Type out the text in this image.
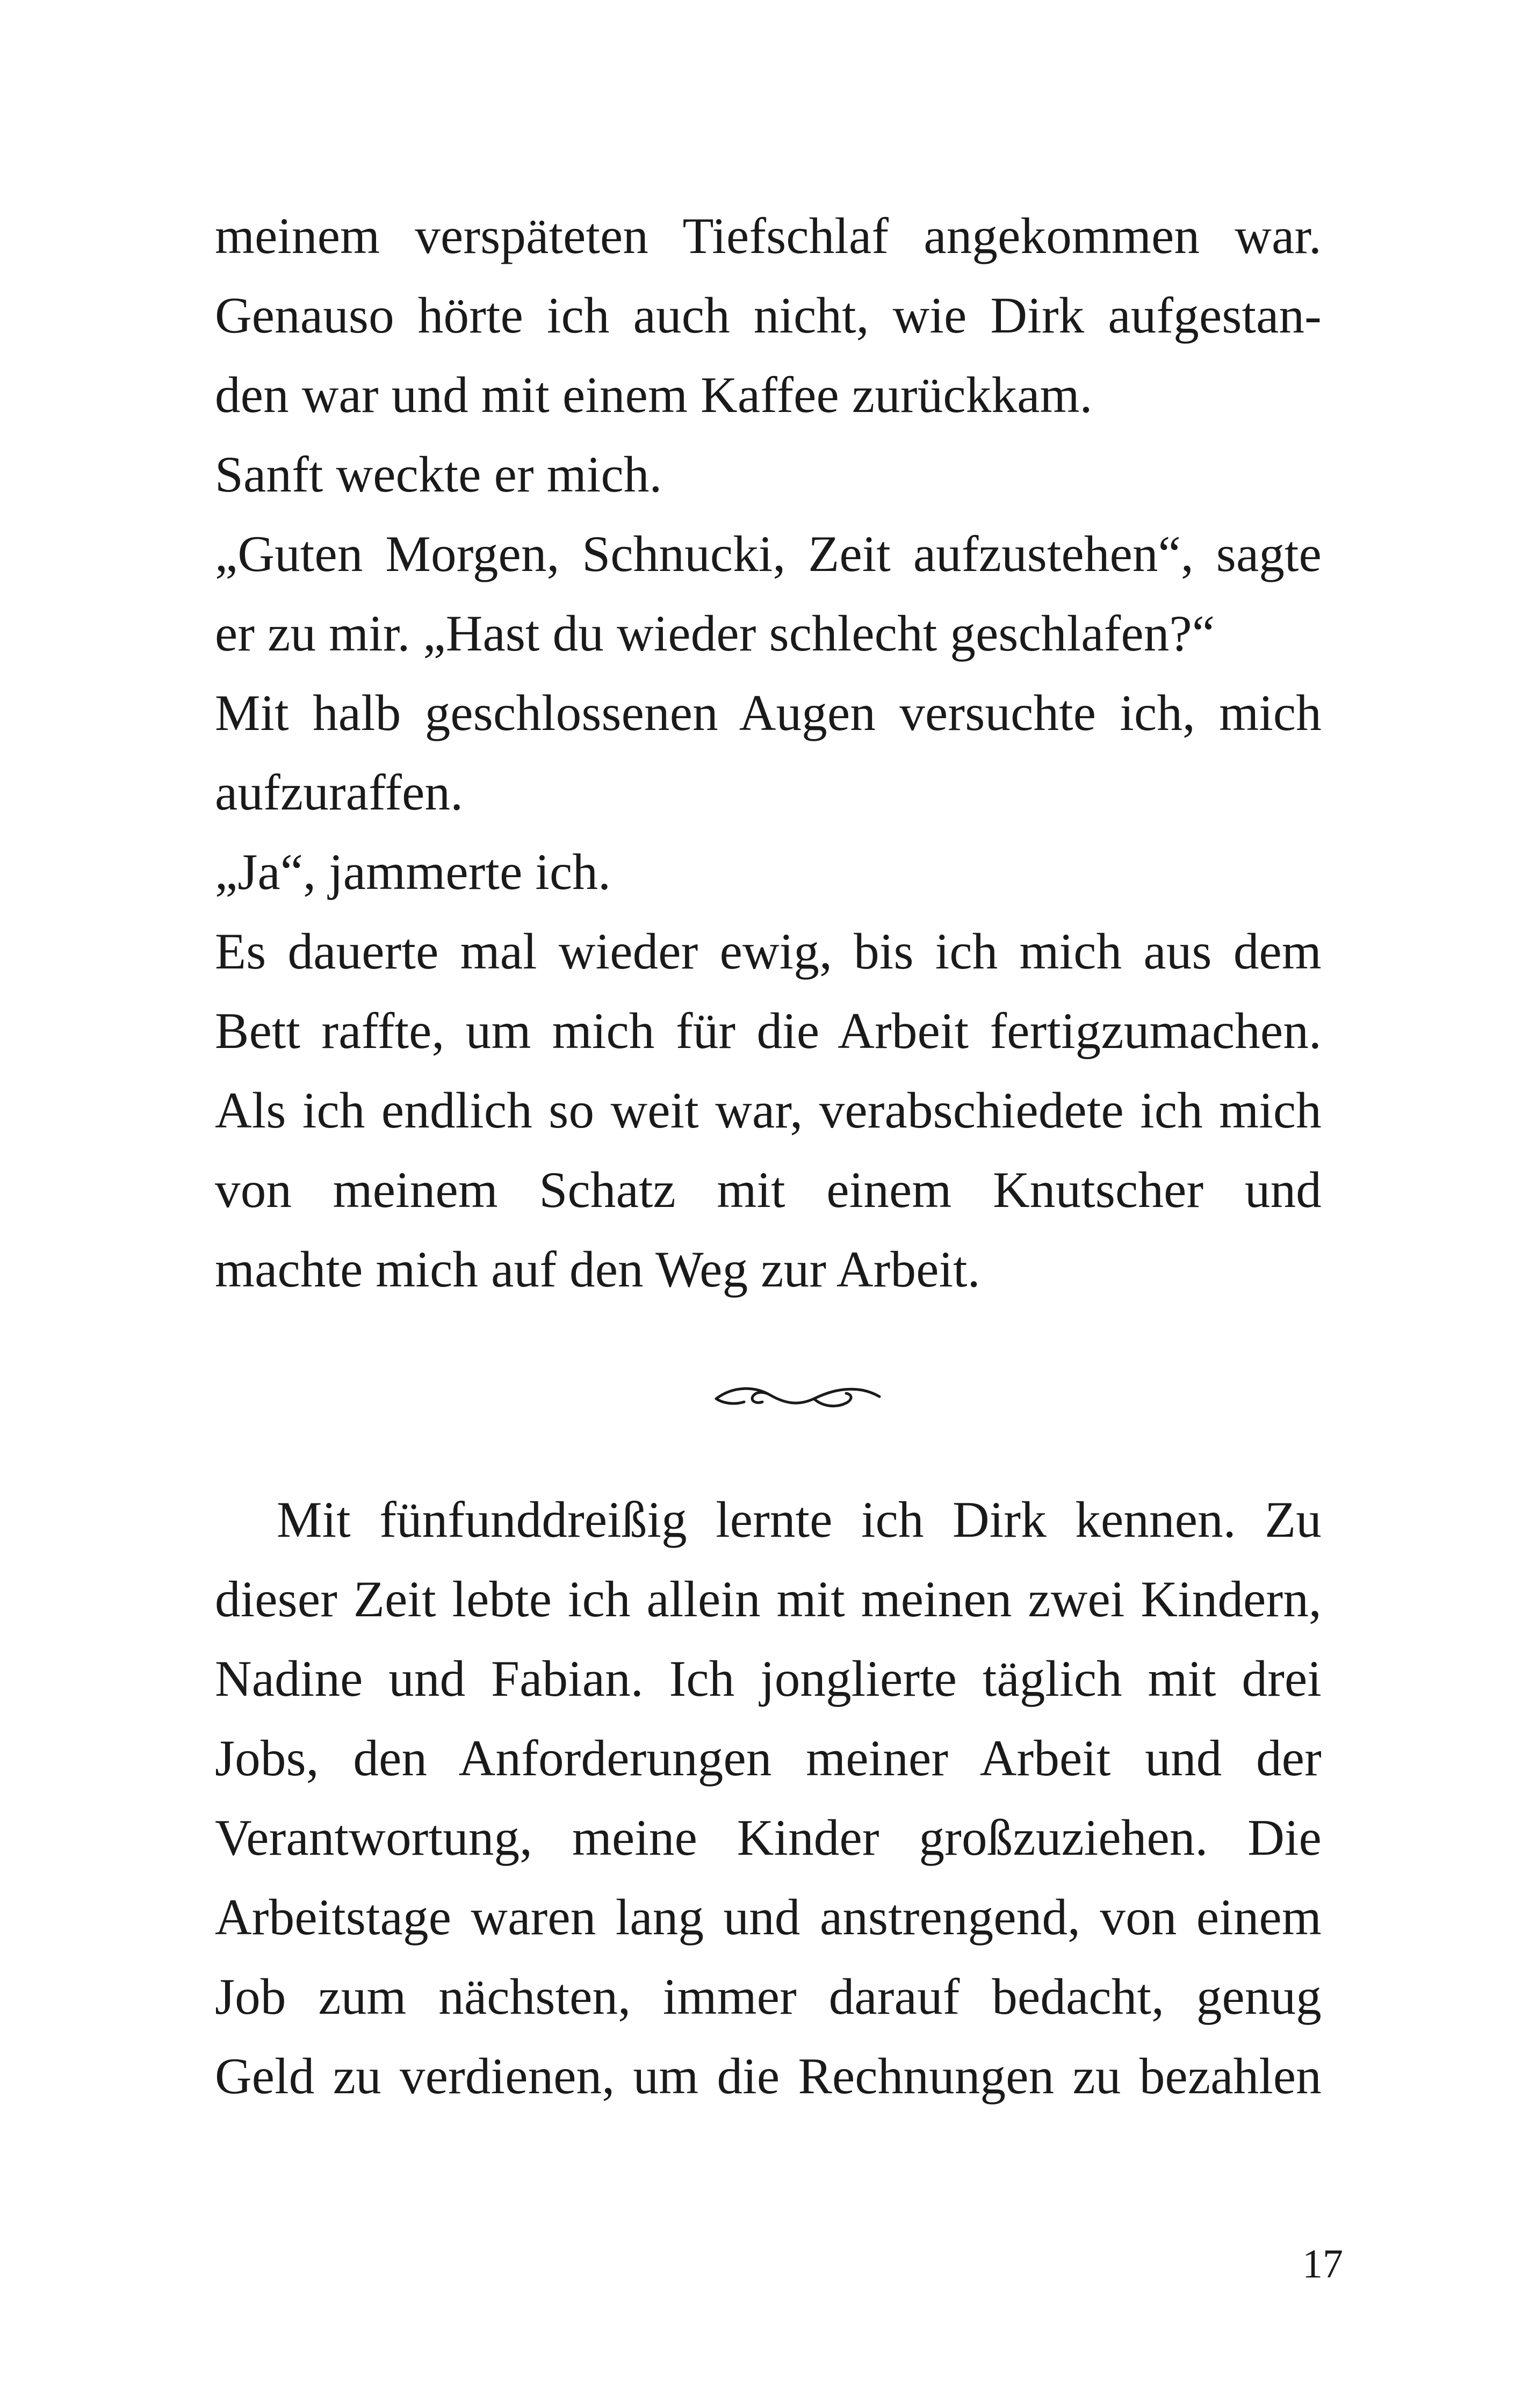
meinem verspäteten Tiefschlaf angekommen war.
Genauso hörte ich auch nicht, wie Dirk aufgestan-
den war und mit einem Kaffee zurückkam.
Sanft weckte er mich.
„Guten Morgen, Schnucki, Zeit aufzustehen“, sagte
er zu mir. „Hast du wieder schlecht geschlafen?“
Mit halb geschlossenen Augen versuchte ich, mich
aufzuraffen.
„Ja“, jammerte ich.
Es dauerte mal wieder ewig, bis ich mich aus dem
Bett raffte, um mich für die Arbeit fertigzumachen.
Als ich endlich so weit war, verabschiedete ich mich
von meinem Schatz mit einem Knutscher und
machte mich auf den Weg zur Arbeit.
Mit fünfunddreißig lernte ich Dirk kennen. Zu
dieser Zeit lebte ich allein mit meinen zwei Kindern,
Nadine und Fabian. Ich jonglierte täglich mit drei
Jobs, den Anforderungen meiner Arbeit und der
Verantwortung, meine Kinder großzuziehen. Die
Arbeitstage waren lang und anstrengend, von einem
Job zum nächsten, immer darauf bedacht, genug
Geld zu verdienen, um die Rechnungen zu bezahlen
17
